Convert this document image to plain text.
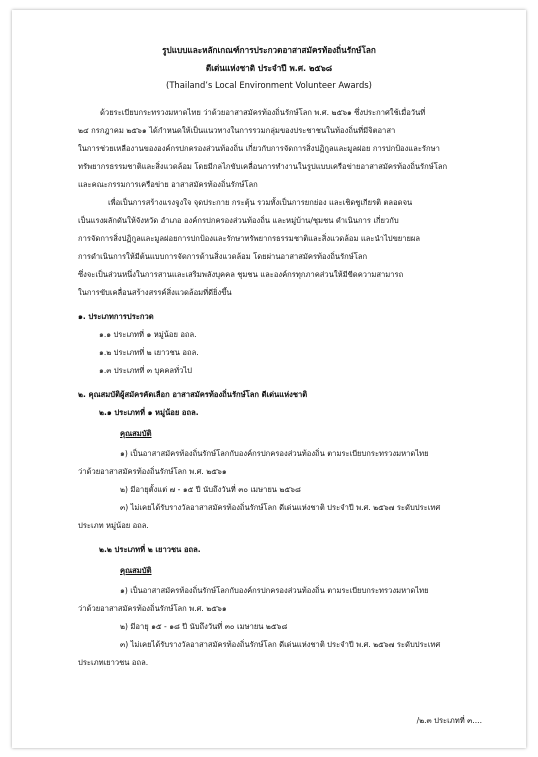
รูปแบบและหลักเกณฑ์การประกวดอาสาสมัครท้องถิ่นรักษ์โลก
ดีเด่นแห่งชาติ ประจำปี พ.ศ. ๒๕๖๘
(Thailand’s Local Environment Volunteer Awards)
ด้วยระเบียบกระทรวงมหาดไทย ว่าด้วยอาสาสมัครท้องถิ่นรักษ์โลก พ.ศ. ๒๕๖๑ ซึ่งประกาศใช้เมื่อวันที่
๒๔ กรกฎาคม ๒๕๖๑ ได้กำหนดให้เป็นแนวทางในการรวมกลุ่มของประชาชนในท้องถิ่นที่มีจิตอาสา
ในการช่วยเหลืองานขององค์กรปกครองส่วนท้องถิ่น เกี่ยวกับการจัดการสิ่งปฏิกูลและมูลฝอย การปกป้องและรักษา
ทรัพยากรธรรมชาติและสิ่งแวดล้อม โดยมีกลไกขับเคลื่อนการทำงานในรูปแบบเครือข่ายอาสาสมัครท้องถิ่นรักษ์โลก
และคณะกรรมการเครือข่าย อาสาสมัครท้องถิ่นรักษ์โลก
เพื่อเป็นการสร้างแรงจูงใจ จุดประกาย กระตุ้น รวมทั้งเป็นการยกย่อง และเชิดชูเกียรติ ตลอดจน
เป็นแรงผลักดันให้จังหวัด อำเภอ องค์กรปกครองส่วนท้องถิ่น และหมู่บ้าน/ชุมชน ดำเนินการ เกี่ยวกับ
การจัดการสิ่งปฏิกูลและมูลฝอยการปกป้องและรักษาทรัพยากรธรรมชาติและสิ่งแวดล้อม และนำไปขยายผล
การดำเนินการให้มีต้นแบบการจัดการด้านสิ่งแวดล้อม โดยผ่านอาสาสมัครท้องถิ่นรักษ์โลก
ซึ่งจะเป็นส่วนหนึ่งในการสานและเสริมพลังบุคคล ชุมชน และองค์กรทุกภาคส่วนให้มีขีดความสามารถ
ในการขับเคลื่อนสร้างสรรค์สิ่งแวดล้อมที่ดียิ่งขึ้น
๑. ประเภทการประกวด
๑.๑ ประเภทที่ ๑ หมู่น้อย อถล.
๑.๒ ประเภทที่ ๒ เยาวชน อถล.
๑.๓ ประเภทที่ ๓ บุคคลทั่วไป
๒. คุณสมบัติผู้สมัครคัดเลือก อาสาสมัครท้องถิ่นรักษ์โลก ดีเด่นแห่งชาติ
๒.๑ ประเภทที่ ๑ หมู่น้อย อถล.
คุณสมบัติ
๑) เป็นอาสาสมัครท้องถิ่นรักษ์โลกกับองค์กรปกครองส่วนท้องถิ่น ตามระเบียบกระทรวงมหาดไทย
ว่าด้วยอาสาสมัครท้องถิ่นรักษ์โลก พ.ศ. ๒๕๖๑
๒) มีอายุตั้งแต่ ๗ - ๑๕ ปี นับถึงวันที่ ๓๐ เมษายน ๒๕๖๘
๓) ไม่เคยได้รับรางวัลอาสาสมัครท้องถิ่นรักษ์โลก ดีเด่นแห่งชาติ ประจำปี พ.ศ. ๒๕๖๗ ระดับประเทศ
ประเภท หมู่น้อย อถล.
๒.๒ ประเภทที่ ๒ เยาวชน อถล.
คุณสมบัติ
๑) เป็นอาสาสมัครท้องถิ่นรักษ์โลกกับองค์กรปกครองส่วนท้องถิ่น ตามระเบียบกระทรวงมหาดไทย
ว่าด้วยอาสาสมัครท้องถิ่นรักษ์โลก พ.ศ. ๒๕๖๑
๒) มีอายุ ๑๕ - ๑๘ ปี นับถึงวันที่ ๓๐ เมษายน ๒๕๖๘
๓) ไม่เคยได้รับรางวัลอาสาสมัครท้องถิ่นรักษ์โลก ดีเด่นแห่งชาติ ประจำปี พ.ศ. ๒๕๖๗ ระดับประเทศ
ประเภทเยาวชน อถล.
/๒.๓ ประเภทที่ ๓....
